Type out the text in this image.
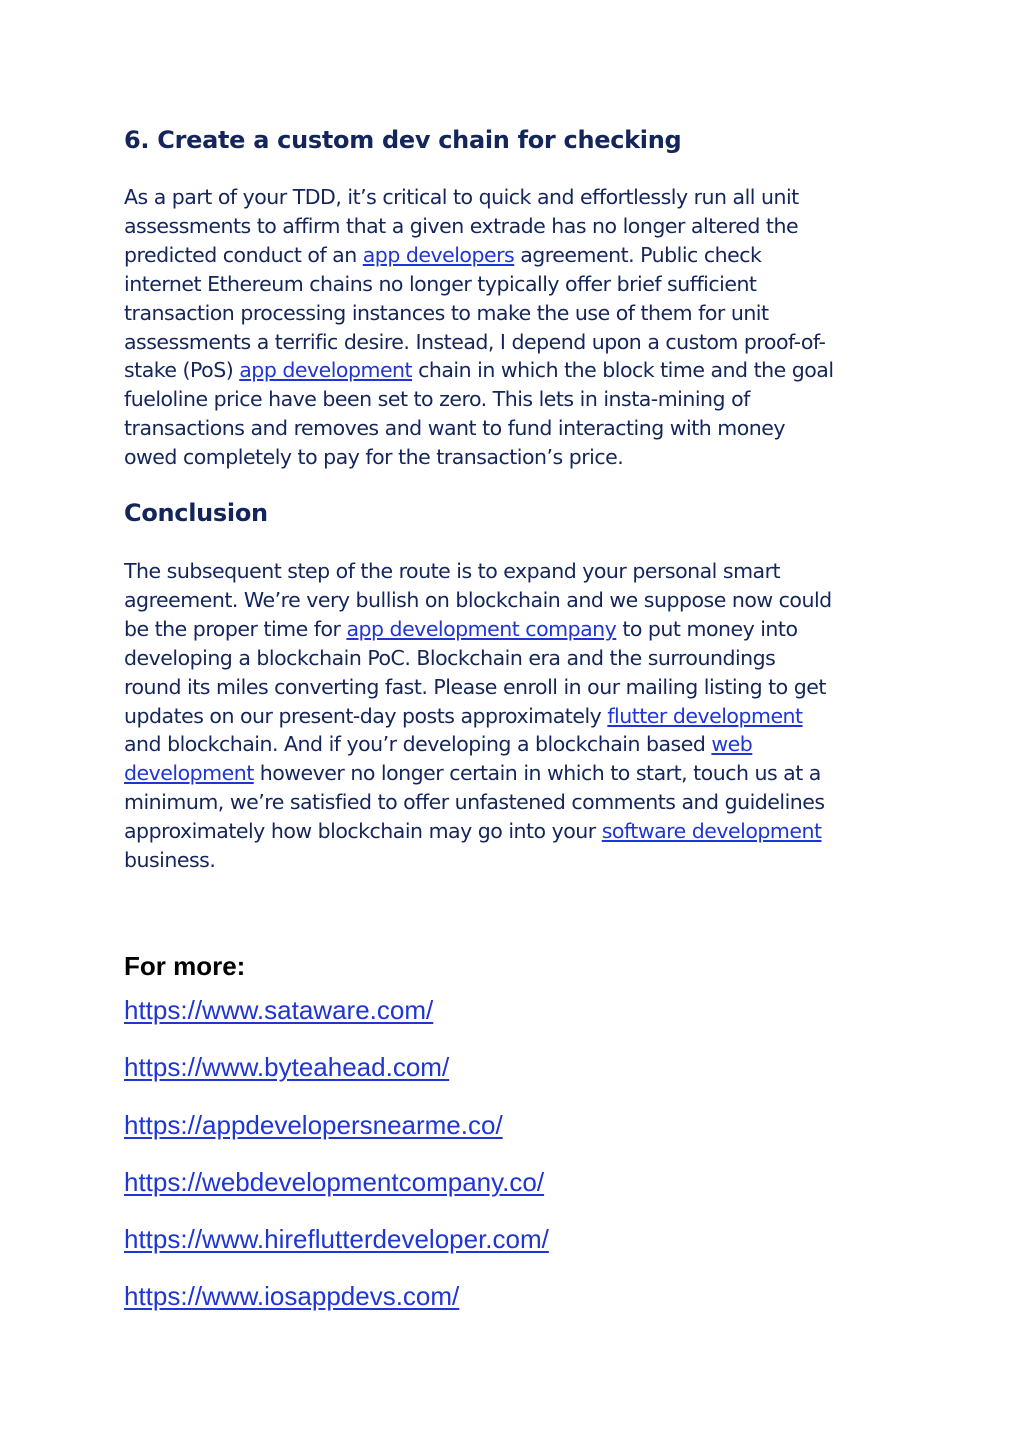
6. Create a custom dev chain for checking

As a part of your TDD, it’s critical to quick and effortlessly run all unit
assessments to affirm that a given extrade has no longer altered the
predicted conduct of an app developers agreement. Public check
internet Ethereum chains no longer typically offer brief sufficient
transaction processing instances to make the use of them for unit
assessments a terrific desire. Instead, I depend upon a custom proof-of-
stake (PoS) app development chain in which the block time and the goal
fueloline price have been set to zero. This lets in insta-mining of
transactions and removes and want to fund interacting with money
owed completely to pay for the transaction’s price.

Conclusion

The subsequent step of the route is to expand your personal smart
agreement. We’re very bullish on blockchain and we suppose now could
be the proper time for app development company to put money into
developing a blockchain PoC. Blockchain era and the surroundings
round its miles converting fast. Please enroll in our mailing listing to get
updates on our present-day posts approximately flutter development
and blockchain. And if you’r developing a blockchain based web
development however no longer certain in which to start, touch us at a
minimum, we’re satisfied to offer unfastened comments and guidelines
approximately how blockchain may go into your software development
business.

For more:
https://www.sataware.com/
https://www.byteahead.com/
https://appdevelopersnearme.co/
https://webdevelopmentcompany.co/
https://www.hireflutterdeveloper.com/
https://www.iosappdevs.com/
